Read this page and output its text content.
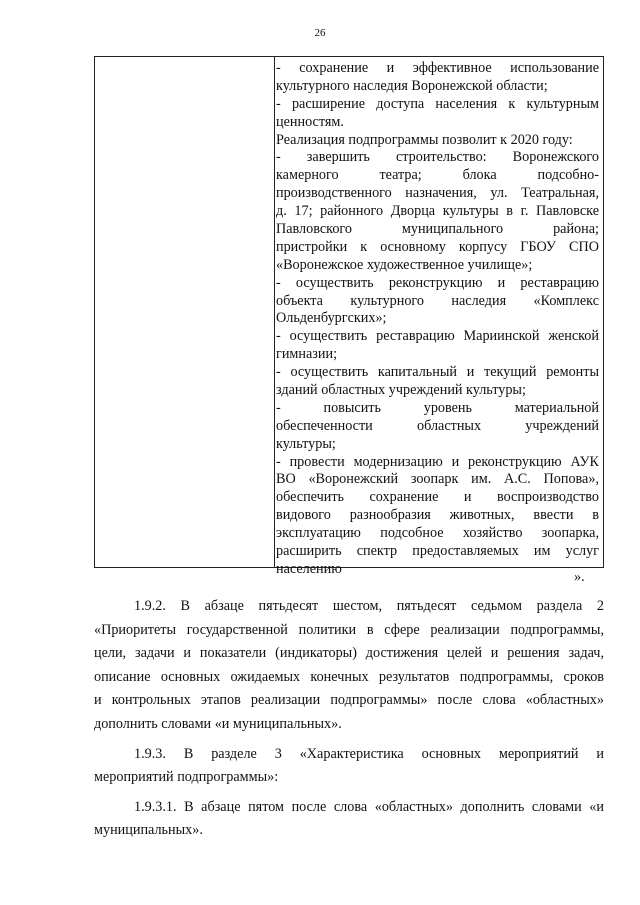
26
- сохранение и эффективное использование
культурного наследия Воронежской области;
- расширение доступа населения к культурным
ценностям.
Реализация подпрограммы позволит к 2020 году:
- завершить строительство: Воронежского
камерного театра; блока подсобно-
производственного назначения, ул. Театральная,
д. 17; районного Дворца культуры в г. Павловске
Павловского муниципального района;
пристройки к основному корпусу ГБОУ СПО
«Воронежское художественное училище»;
- осуществить реконструкцию и реставрацию
объекта культурного наследия «Комплекс
Ольденбургских»;
- осуществить реставрацию Мариинской женской
гимназии;
- осуществить капитальный и текущий ремонты
зданий областных учреждений культуры;
- повысить уровень материальной
обеспеченности областных учреждений
культуры;
- провести модернизацию и реконструкцию АУК
ВО «Воронежский зоопарк им. А.С. Попова»,
обеспечить сохранение и воспроизводство
видового разнообразия животных, ввести в
эксплуатацию подсобное хозяйство зоопарка,
расширить спектр предоставляемых им услуг
населению
».
1.9.2. В абзаце пятьдесят шестом, пятьдесят седьмом раздела 2
«Приоритеты государственной политики в сфере реализации подпрограммы,
цели, задачи и показатели (индикаторы) достижения целей и решения задач,
описание основных ожидаемых конечных результатов подпрограммы, сроков
и контрольных этапов реализации подпрограммы» после слова «областных»
дополнить словами «и муниципальных».
1.9.3. В разделе 3 «Характеристика основных мероприятий и
мероприятий подпрограммы»:
1.9.3.1. В абзаце пятом после слова «областных» дополнить словами «и
муниципальных».
